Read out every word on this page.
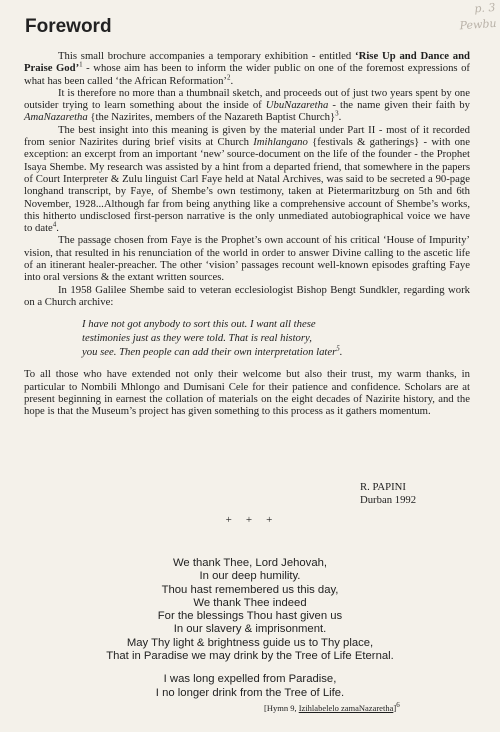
p. 3
Pewbu
Foreword

This small brochure accompanies a temporary exhibition - entitled ‘Rise Up and Dance and Praise God’$^1$ - whose aim has been to inform the wider public on one of the foremost expressions of what has been called ‘the African Reformation’$^2$.

It is therefore no more than a thumbnail sketch, and proceeds out of just two years spent by one outsider trying to learn something about the inside of UbuNazaretha - the name given their faith by AmaNazaretha {the Nazirites, members of the Nazareth Baptist Church}$^3$.

The best insight into this meaning is given by the material under Part II - most of it recorded from senior Nazirites during brief visits at Church Imihlangano {festivals & gatherings} - with one exception: an excerpt from an important ‘new’ source-document on the life of the founder - the Prophet Isaya Shembe. My research was assisted by a hint from a departed friend, that somewhere in the papers of Court Interpreter & Zulu linguist Carl Faye held at Natal Archives, was said to be secreted a 90-page longhand transcript, by Faye, of Shembe’s own testimony, taken at Pietermaritzburg on 5th and 6th November, 1928...Although far from being anything like a comprehensive account of Shembe’s works, this hitherto undisclosed first-person narrative is the only unmediated autobiographical voice we have to date$^4$.

The passage chosen from Faye is the Prophet’s own account of his critical ‘House of Impurity’ vision, that resulted in his renunciation of the world in order to answer Divine calling to the ascetic life of an itinerant healer-preacher. The other ‘vision’ passages recount well-known episodes grafting Faye into oral versions & the extant written sources.

In 1958 Galilee Shembe said to veteran ecclesiologist Bishop Bengt Sundkler, regarding work on a Church archive:

I have not got anybody to sort this out. I want all these
testimonies just as they were told. That is real history,
you see. Then people can add their own interpretation later$^5$.

To all those who have extended not only their welcome but also their trust, my warm thanks, in particular to Nombili Mhlongo and Dumisani Cele for their patience and confidence. Scholars are at present beginning in earnest the collation of materials on the eight decades of Nazirite history, and the hope is that the Museum’s project has given something to this process as it gathers momentum.

R. PAPINI
Durban 1992
+ + +
We thank Thee, Lord Jehovah,
In our deep humility.
Thou hast remembered us this day,
We thank Thee indeed
For the blessings Thou hast given us
In our slavery & imprisonment.
May Thy light & brightness guide us to Thy place,
That in Paradise we may drink by the Tree of Life Eternal.
I was long expelled from Paradise,
I no longer drink from the Tree of Life.
[Hymn 9, Izihlabelelo zamaNazaretha]$^6$
